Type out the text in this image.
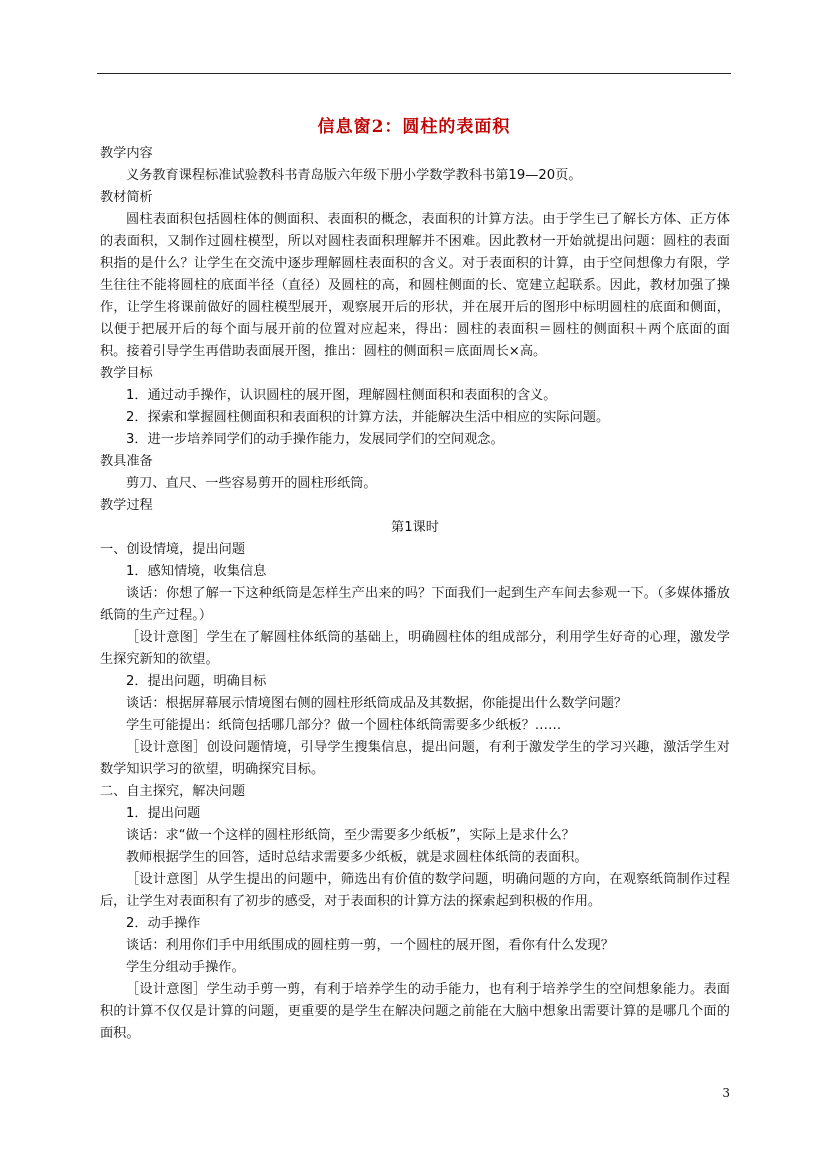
信息窗2：圆柱的表面积

教学内容

义务教育课程标准试验教科书青岛版六年级下册小学数学教科书第19—20页。

教材简析

圆柱表面积包括圆柱体的侧面积、表面积的概念，表面积的计算方法。由于学生已了解长方体、正方体的表面积，又制作过圆柱模型，所以对圆柱表面积理解并不困难。因此教材一开始就提出问题：圆柱的表面积指的是什么？让学生在交流中逐步理解圆柱表面积的含义。对于表面积的计算，由于空间想像力有限，学生往往不能将圆柱的底面半径（直径）及圆柱的高，和圆柱侧面的长、宽建立起联系。因此，教材加强了操作，让学生将课前做好的圆柱模型展开，观察展开后的形状，并在展开后的图形中标明圆柱的底面和侧面，以便于把展开后的每个面与展开前的位置对应起来，得出：圆柱的表面积＝圆柱的侧面积＋两个底面的面积。接着引导学生再借助表面展开图，推出：圆柱的侧面积＝底面周长×高。

教学目标

1．通过动手操作，认识圆柱的展开图，理解圆柱侧面积和表面积的含义。

2．探索和掌握圆柱侧面积和表面积的计算方法，并能解决生活中相应的实际问题。

3．进一步培养同学们的动手操作能力，发展同学们的空间观念。

教具准备

剪刀、直尺、一些容易剪开的圆柱形纸筒。

教学过程

第1课时

一、创设情境，提出问题

1．感知情境，收集信息

谈话：你想了解一下这种纸筒是怎样生产出来的吗？下面我们一起到生产车间去参观一下。（多媒体播放纸筒的生产过程。）

［设计意图］学生在了解圆柱体纸筒的基础上，明确圆柱体的组成部分，利用学生好奇的心理，激发学生探究新知的欲望。

2．提出问题，明确目标

谈话：根据屏幕展示情境图右侧的圆柱形纸筒成品及其数据，你能提出什么数学问题？

学生可能提出：纸筒包括哪几部分？做一个圆柱体纸筒需要多少纸板？……

［设计意图］创设问题情境，引导学生搜集信息，提出问题，有利于激发学生的学习兴趣，激活学生对数学知识学习的欲望，明确探究目标。

二、自主探究，解决问题

1．提出问题

谈话：求“做一个这样的圆柱形纸筒，至少需要多少纸板”，实际上是求什么？

教师根据学生的回答，适时总结求需要多少纸板，就是求圆柱体纸筒的表面积。

［设计意图］从学生提出的问题中，筛选出有价值的数学问题，明确问题的方向，在观察纸筒制作过程后，让学生对表面积有了初步的感受，对于表面积的计算方法的探索起到积极的作用。

2．动手操作

谈话：利用你们手中用纸围成的圆柱剪一剪，一个圆柱的展开图，看你有什么发现？

学生分组动手操作。

［设计意图］学生动手剪一剪，有利于培养学生的动手能力，也有利于培养学生的空间想象能力。表面积的计算不仅仅是计算的问题，更重要的是学生在解决问题之前能在大脑中想象出需要计算的是哪几个面的面积。

3
